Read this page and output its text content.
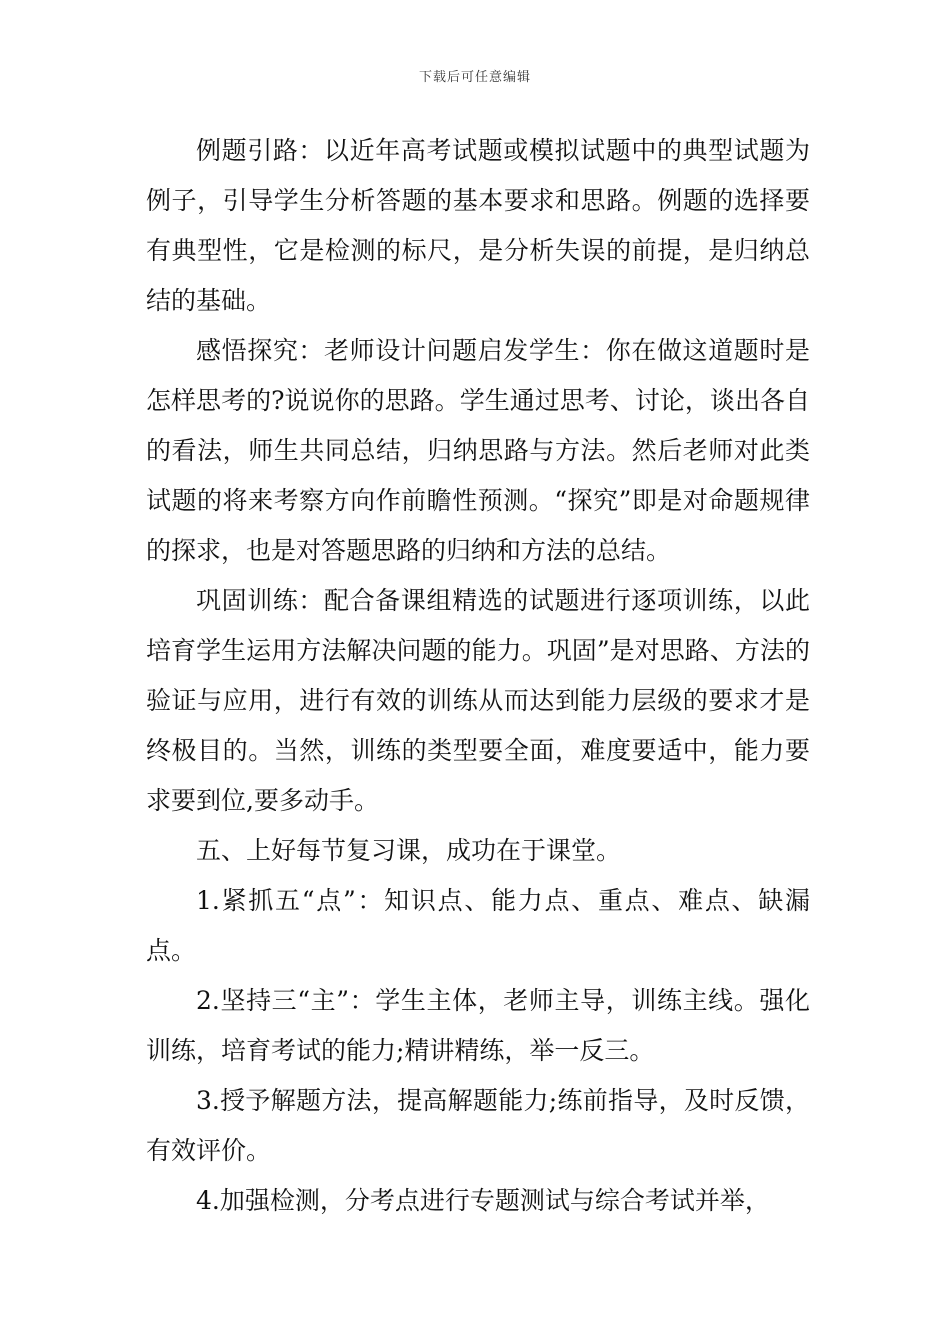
下载后可任意编辑

例题引路：以近年高考试题或模拟试题中的典型试题为例子，引导学生分析答题的基本要求和思路。例题的选择要有典型性，它是检测的标尺，是分析失误的前提，是归纳总结的基础。

感悟探究：老师设计问题启发学生：你在做这道题时是怎样思考的?说说你的思路。学生通过思考、讨论，谈出各自的看法，师生共同总结，归纳思路与方法。然后老师对此类试题的将来考察方向作前瞻性预测。“探究”即是对命题规律的探求，也是对答题思路的归纳和方法的总结。

巩固训练：配合备课组精选的试题进行逐项训练，以此培育学生运用方法解决问题的能力。巩固”是对思路、方法的验证与应用，进行有效的训练从而达到能力层级的要求才是终极目的。当然，训练的类型要全面，难度要适中，能力要求要到位,要多动手。

五、上好每节复习课，成功在于课堂。

1.紧抓五“点”：知识点、能力点、重点、难点、缺漏点。

2.坚持三“主”：学生主体，老师主导，训练主线。强化训练，培育考试的能力;精讲精练，举一反三。

3.授予解题方法，提高解题能力;练前指导，及时反馈，有效评价。

4.加强检测，分考点进行专题测试与综合考试并举，
